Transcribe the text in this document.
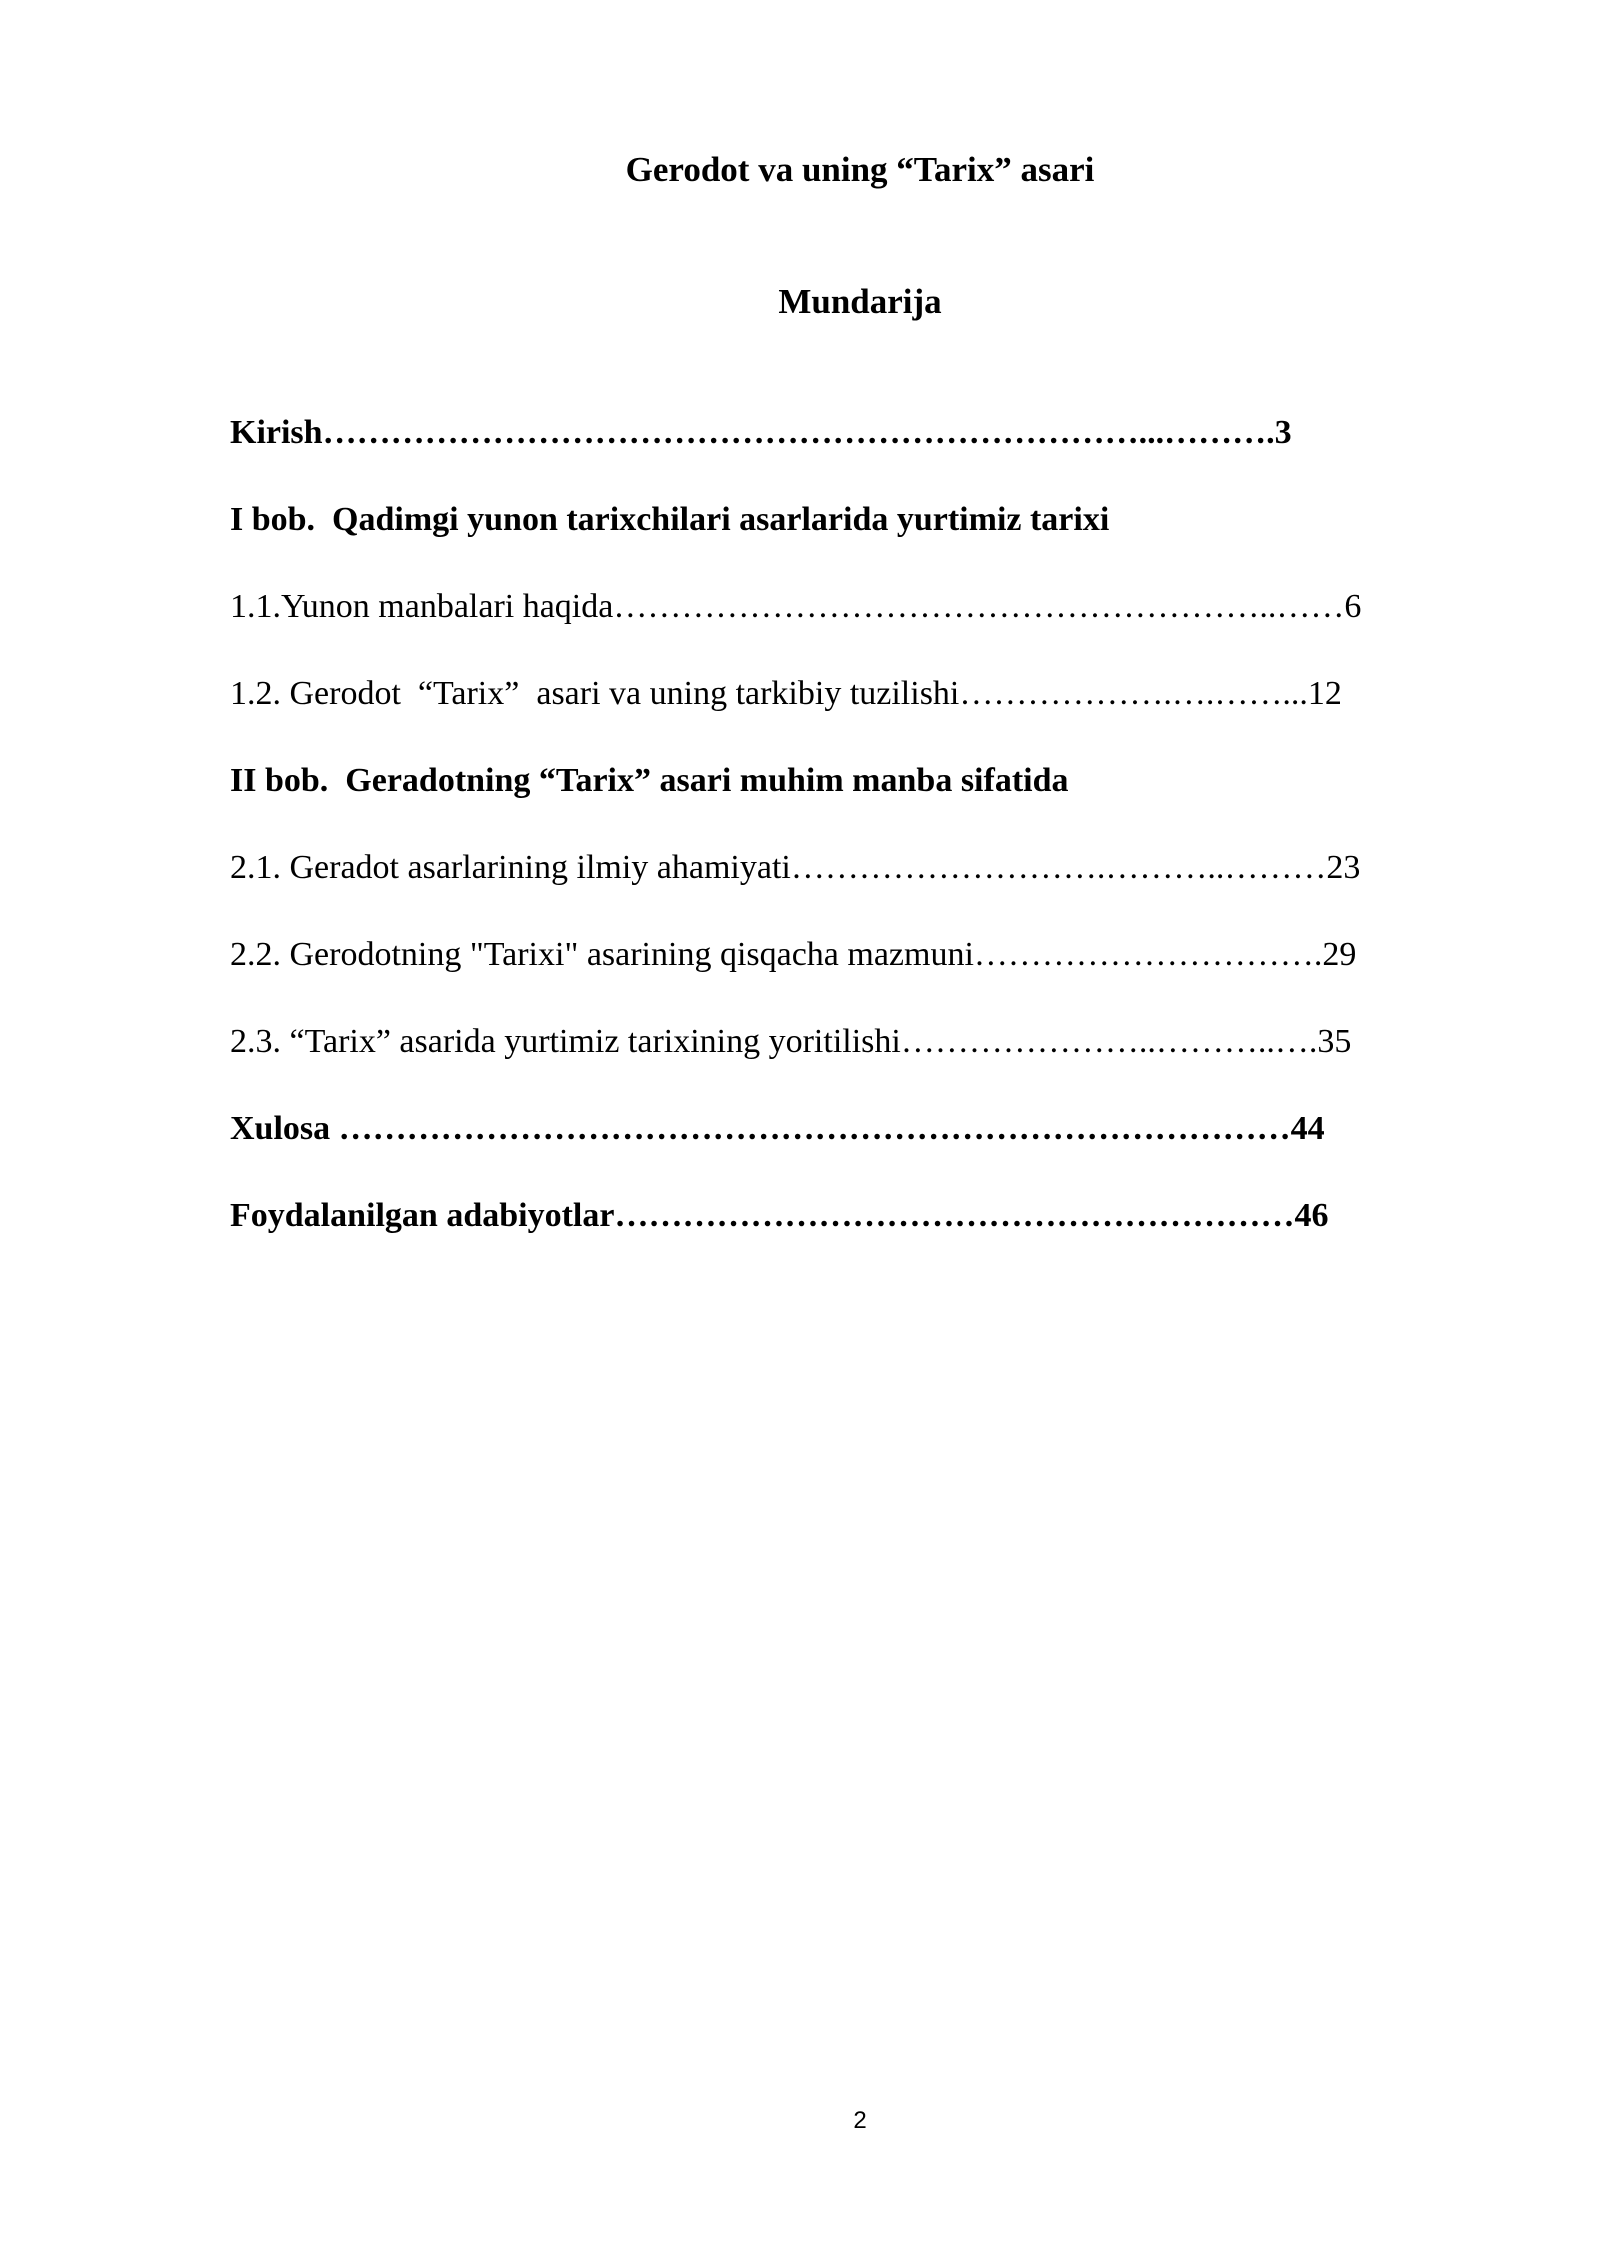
Gerodot va uning “Tarix” asari
Mundarija
Kirish………………………………………………………………...……….3
I bob.  Qadimgi yunon tarixchilari asarlarida yurtimiz tarixi
1.1.Yunon manbalari haqida…………………………………………………..……6
1.2. Gerodot  “Tarix”  asari va uning tarkibiy tuzilishi……………….….……...12
II bob.  Geradotning “Tarix” asari muhim manba sifatida
2.1. Geradot asarlarining ilmiy ahamiyati……………………….………..………23
2.2. Gerodotning "Tarixi" asarining qisqacha mazmuni………………………….29
2.3. “Tarix” asarida yurtimiz tarixining yoritilishi…………………..………..….35
Xulosa …………………………………………………………………………44
Foydalanilgan adabiyotlar……………………………………………………46
2
